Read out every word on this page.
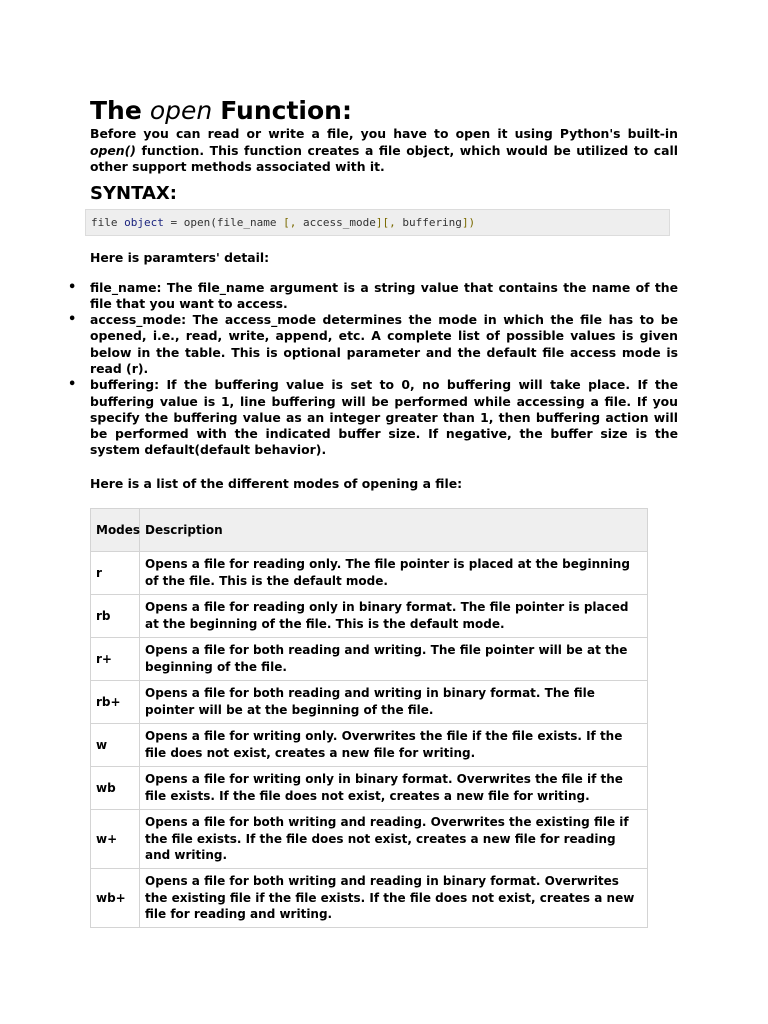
The open Function:

Before you can read or write a file, you have to open it using Python's built-in open() function. This function creates a file object, which would be utilized to call other support methods associated with it.

SYNTAX:
file object = open(file_name [, access_mode][, buffering])
Here is paramters' detail:
• file_name: The file_name argument is a string value that contains the name of the file that you want to access.
• access_mode: The access_mode determines the mode in which the file has to be opened, i.e., read, write, append, etc. A complete list of possible values is given below in the table. This is optional parameter and the default file access mode is read (r).
• buffering: If the buffering value is set to 0, no buffering will take place. If the buffering value is 1, line buffering will be performed while accessing a file. If you specify the buffering value as an integer greater than 1, then buffering action will be performed with the indicated buffer size. If negative, the buffer size is the system default(default behavior).
Here is a list of the different modes of opening a file:
Modes	Description
r	Opens a file for reading only. The file pointer is placed at the beginning of the file. This is the default mode.
rb	Opens a file for reading only in binary format. The file pointer is placed at the beginning of the file. This is the default mode.
r+	Opens a file for both reading and writing. The file pointer will be at the beginning of the file.
rb+	Opens a file for both reading and writing in binary format. The file pointer will be at the beginning of the file.
w	Opens a file for writing only. Overwrites the file if the file exists. If the file does not exist, creates a new file for writing.
wb	Opens a file for writing only in binary format. Overwrites the file if the file exists. If the file does not exist, creates a new file for writing.
w+	Opens a file for both writing and reading. Overwrites the existing file if the file exists. If the file does not exist, creates a new file for reading and writing.
wb+	Opens a file for both writing and reading in binary format. Overwrites the existing file if the file exists. If the file does not exist, creates a new file for reading and writing.
